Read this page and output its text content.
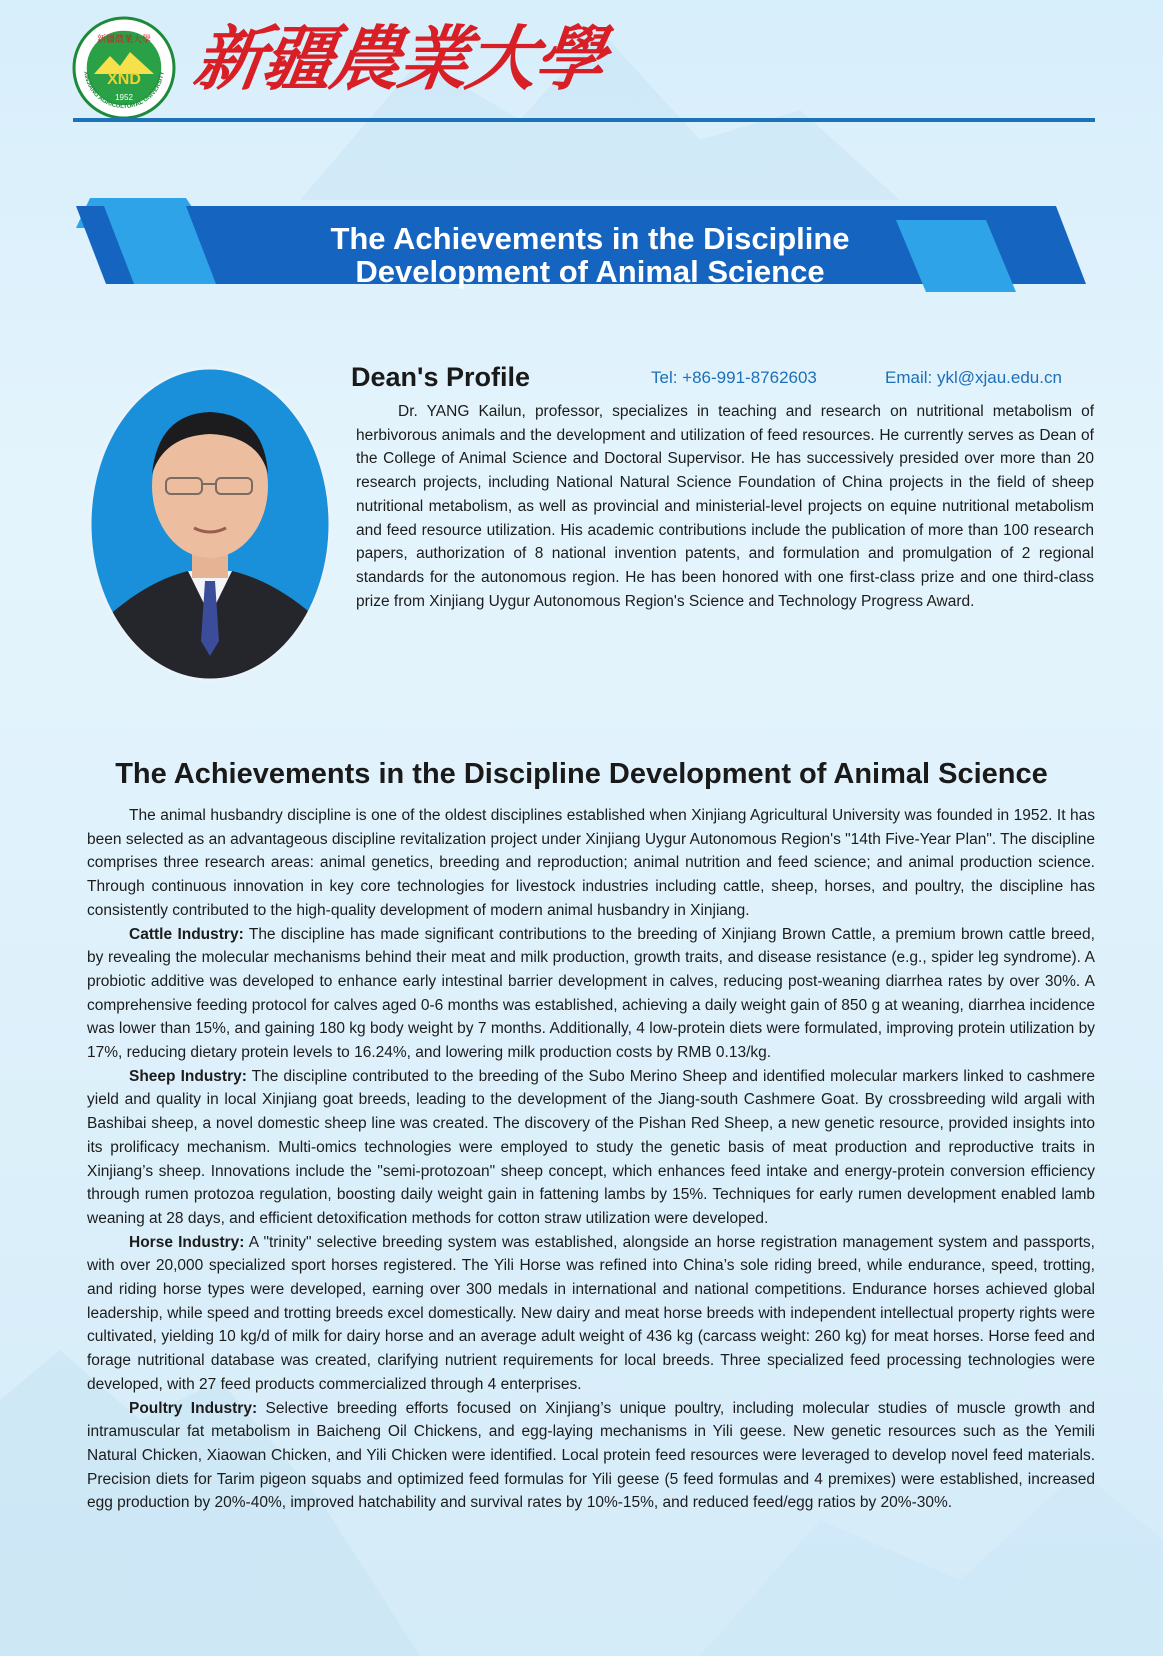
XND
1952
新疆農業大學
XINJIANG AGRICULTURAL UNIVERSITY 新疆農業大學
The Achievements in the Discipline
Development of Animal Science
Dean's Profile	Tel: +86-991-8762603	Email: ykl@xjau.edu.cn
Dr. YANG Kailun, professor, specializes in teaching and research on nutritional metabolism of herbivorous animals and the development and utilization of feed resources. He currently serves as Dean of the College of Animal Science and Doctoral Supervisor. He has successively presided over more than 20 research projects, including National Natural Science Foundation of China projects in the field of sheep nutritional metabolism, as well as provincial and ministerial-level projects on equine nutritional metabolism and feed resource utilization. His academic contributions include the publication of more than 100 research papers, authorization of 8 national invention patents, and formulation and promulgation of 2 regional standards for the autonomous region. He has been honored with one first-class prize and one third-class prize from Xinjiang Uygur Autonomous Region's Science and Technology Progress Award.
The Achievements in the Discipline Development of Animal Science

The animal husbandry discipline is one of the oldest disciplines established when Xinjiang Agricultural University was founded in 1952. It has been selected as an advantageous discipline revitalization project under Xinjiang Uygur Autonomous Region's "14th Five-Year Plan". The discipline comprises three research areas: animal genetics, breeding and reproduction; animal nutrition and feed science; and animal production science. Through continuous innovation in key core technologies for livestock industries including cattle, sheep, horses, and poultry, the discipline has consistently contributed to the high-quality development of modern animal husbandry in Xinjiang.

Cattle Industry: The discipline has made significant contributions to the breeding of Xinjiang Brown Cattle, a premium brown cattle breed, by revealing the molecular mechanisms behind their meat and milk production, growth traits, and disease resistance (e.g., spider leg syndrome). A probiotic additive was developed to enhance early intestinal barrier development in calves, reducing post-weaning diarrhea rates by over 30%. A comprehensive feeding protocol for calves aged 0-6 months was established, achieving a daily weight gain of 850 g at weaning, diarrhea incidence was lower than 15%, and gaining 180 kg body weight by 7 months. Additionally, 4 low-protein diets were formulated, improving protein utilization by 17%, reducing dietary protein levels to 16.24%, and lowering milk production costs by RMB 0.13/kg.

Sheep Industry: The discipline contributed to the breeding of the Subo Merino Sheep and identified molecular markers linked to cashmere yield and quality in local Xinjiang goat breeds, leading to the development of the Jiang-south Cashmere Goat. By crossbreeding wild argali with Bashibai sheep, a novel domestic sheep line was created. The discovery of the Pishan Red Sheep, a new genetic resource, provided insights into its prolificacy mechanism. Multi-omics technologies were employed to study the genetic basis of meat production and reproductive traits in Xinjiang’s sheep. Innovations include the "semi-protozoan" sheep concept, which enhances feed intake and energy-protein conversion efficiency through rumen protozoa regulation, boosting daily weight gain in fattening lambs by 15%. Techniques for early rumen development enabled lamb weaning at 28 days, and efficient detoxification methods for cotton straw utilization were developed.

Horse Industry: A "trinity" selective breeding system was established, alongside an horse registration management system and passports, with over 20,000 specialized sport horses registered. The Yili Horse was refined into China’s sole riding breed, while endurance, speed, trotting, and riding horse types were developed, earning over 300 medals in international and national competitions. Endurance horses achieved global leadership, while speed and trotting breeds excel domestically. New dairy and meat horse breeds with independent intellectual property rights were cultivated, yielding 10 kg/d of milk for dairy horse and an average adult weight of 436 kg (carcass weight: 260 kg) for meat horses. Horse feed and forage nutritional database was created, clarifying nutrient requirements for local breeds. Three specialized feed processing technologies were developed, with 27 feed products commercialized through 4 enterprises.

Poultry Industry: Selective breeding efforts focused on Xinjiang’s unique poultry, including molecular studies of muscle growth and intramuscular fat metabolism in Baicheng Oil Chickens, and egg-laying mechanisms in Yili geese. New genetic resources such as the Yemili Natural Chicken, Xiaowan Chicken, and Yili Chicken were identified. Local protein feed resources were leveraged to develop novel feed materials. Precision diets for Tarim pigeon squabs and optimized feed formulas for Yili geese (5 feed formulas and 4 premixes) were established, increased egg production by 20%-40%, improved hatchability and survival rates by 10%-15%, and reduced feed/egg ratios by 20%-30%.
